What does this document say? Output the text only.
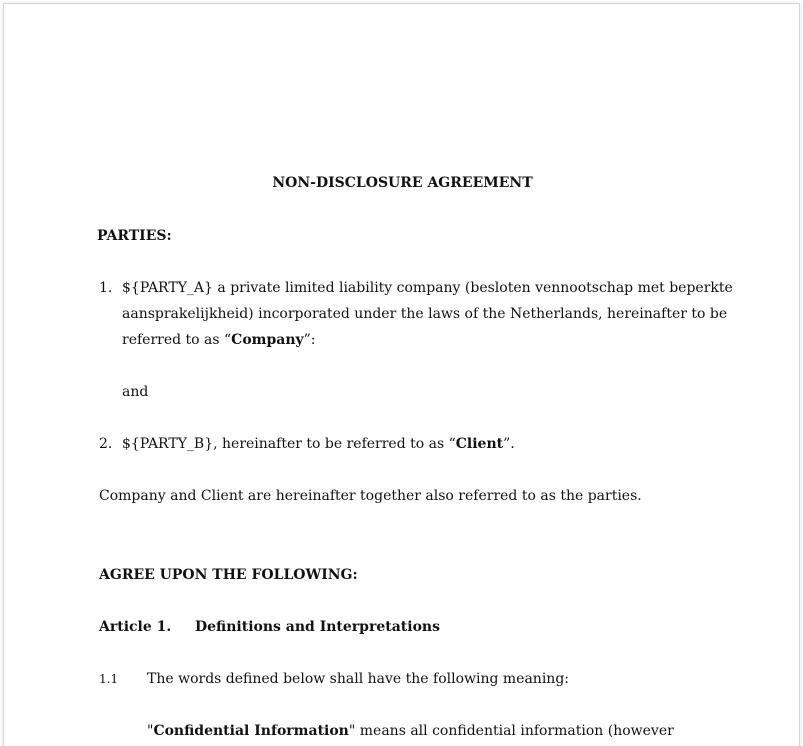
NON-DISCLOSURE AGREEMENT
PARTIES:
1. ${PARTY_A} a private limited liability company (besloten vennootschap met beperkte
aansprakelijkheid) incorporated under the laws of the Netherlands, hereinafter to be
referred to as “Company”:
and
2. ${PARTY_B}, hereinafter to be referred to as “Client”.
Company and Client are hereinafter together also referred to as the parties.
AGREE UPON THE FOLLOWING:
Article 1. Definitions and Interpretations
1.1 The words defined below shall have the following meaning:
"Confidential Information" means all confidential information (however
